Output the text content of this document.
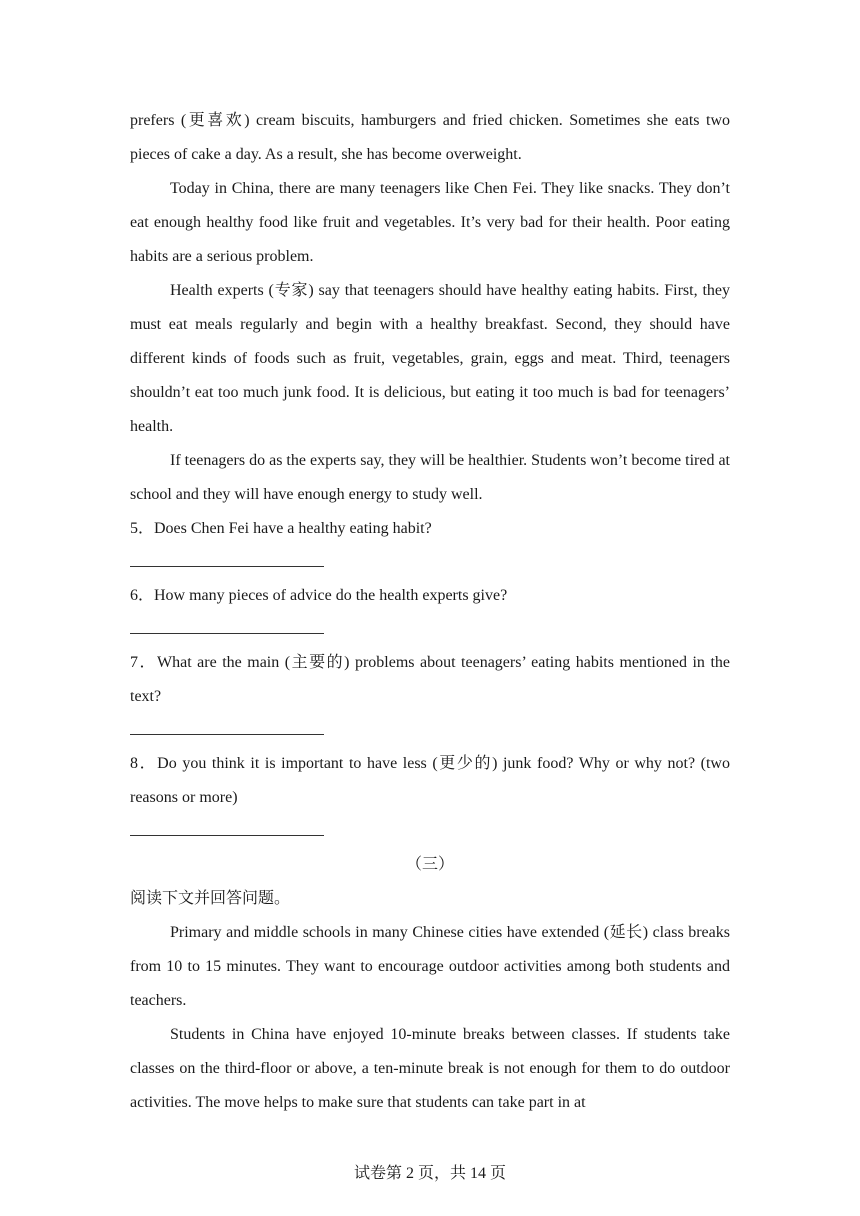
prefers (更喜欢) cream biscuits, hamburgers and fried chicken. Sometimes she eats two pieces of cake a day. As a result, she has become overweight.

Today in China, there are many teenagers like Chen Fei. They like snacks. They don’t eat enough healthy food like fruit and vegetables. It’s very bad for their health. Poor eating habits are a serious problem.

Health experts (专家) say that teenagers should have healthy eating habits. First, they must eat meals regularly and begin with a healthy breakfast. Second, they should have different kinds of foods such as fruit, vegetables, grain, eggs and meat. Third, teenagers shouldn’t eat too much junk food. It is delicious, but eating it too much is bad for teenagers’ health.

If teenagers do as the experts say, they will be healthier. Students won’t become tired at school and they will have enough energy to study well.

5．Does Chen Fei have a healthy eating habit?

6．How many pieces of advice do the health experts give?

7．What are the main (主要的) problems about teenagers’ eating habits mentioned in the text?

8．Do you think it is important to have less (更少的) junk food? Why or why not? (two reasons or more)

（三）

阅读下文并回答问题。

Primary and middle schools in many Chinese cities have extended (延长) class breaks from 10 to 15 minutes. They want to encourage outdoor activities among both students and teachers.

Students in China have enjoyed 10-minute breaks between classes. If students take classes on the third-floor or above, a ten-minute break is not enough for them to do outdoor activities. The move helps to make sure that students can take part in at

试卷第 2 页，共 14 页
